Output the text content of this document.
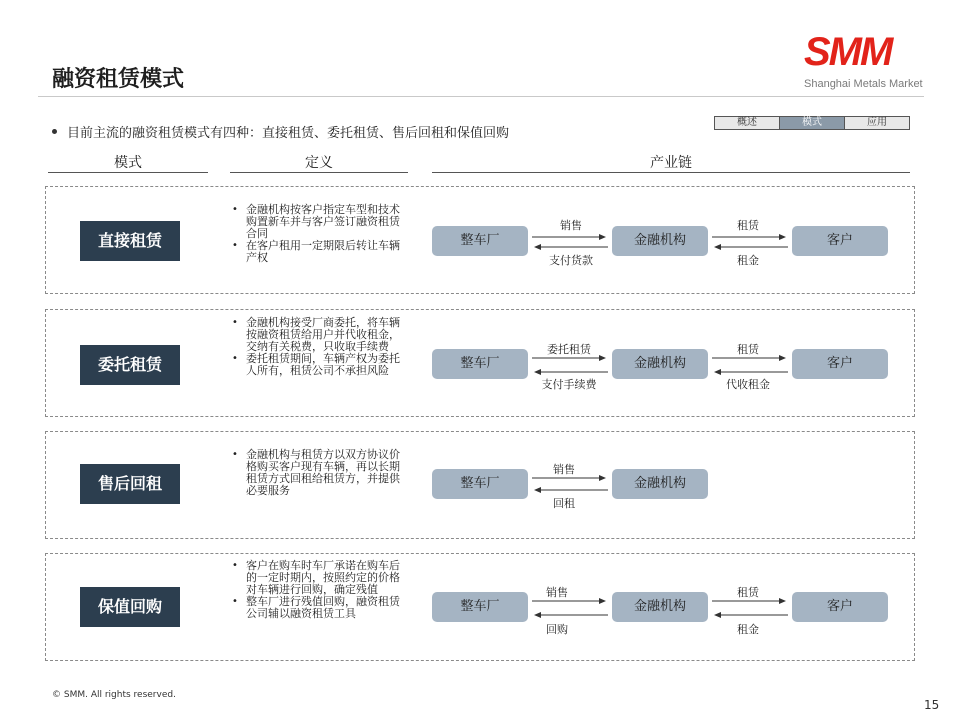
融资租赁模式
SMM
Shanghai Metals Market
目前主流的融资租赁模式有四种：直接租赁、委托租赁、售后回租和保值回购
概述	模式	应用
模式	定义	产业链
直接租赁
• 金融机构按客户指定车型和技术购置新车并与客户签订融资租赁合同
• 在客户租用一定期限后转让车辆产权
整车厂	金融机构	客户
销售
支付货款
租赁
租金
委托租赁
• 金融机构接受厂商委托，将车辆按融资租赁给用户并代收租金，交纳有关税费，只收取手续费
• 委托租赁期间，车辆产权为委托人所有，租赁公司不承担风险	整车厂	金融机构	客户
委托租赁
支付手续费
租赁
代收租金
售后回租
• 金融机构与租赁方以双方协议价格购买客户现有车辆，再以长期租赁方式回租给租赁方，并提供必要服务	整车厂	金融机构
销售
回租
保值回购
• 客户在购车时车厂承诺在购车后的一定时期内，按照约定的价格对车辆进行回购，确定残值
• 整车厂进行残值回购，融资租赁公司辅以融资租赁工具	整车厂	金融机构	客户
销售
回购
租赁
租金
© SMM. All rights reserved.
15
